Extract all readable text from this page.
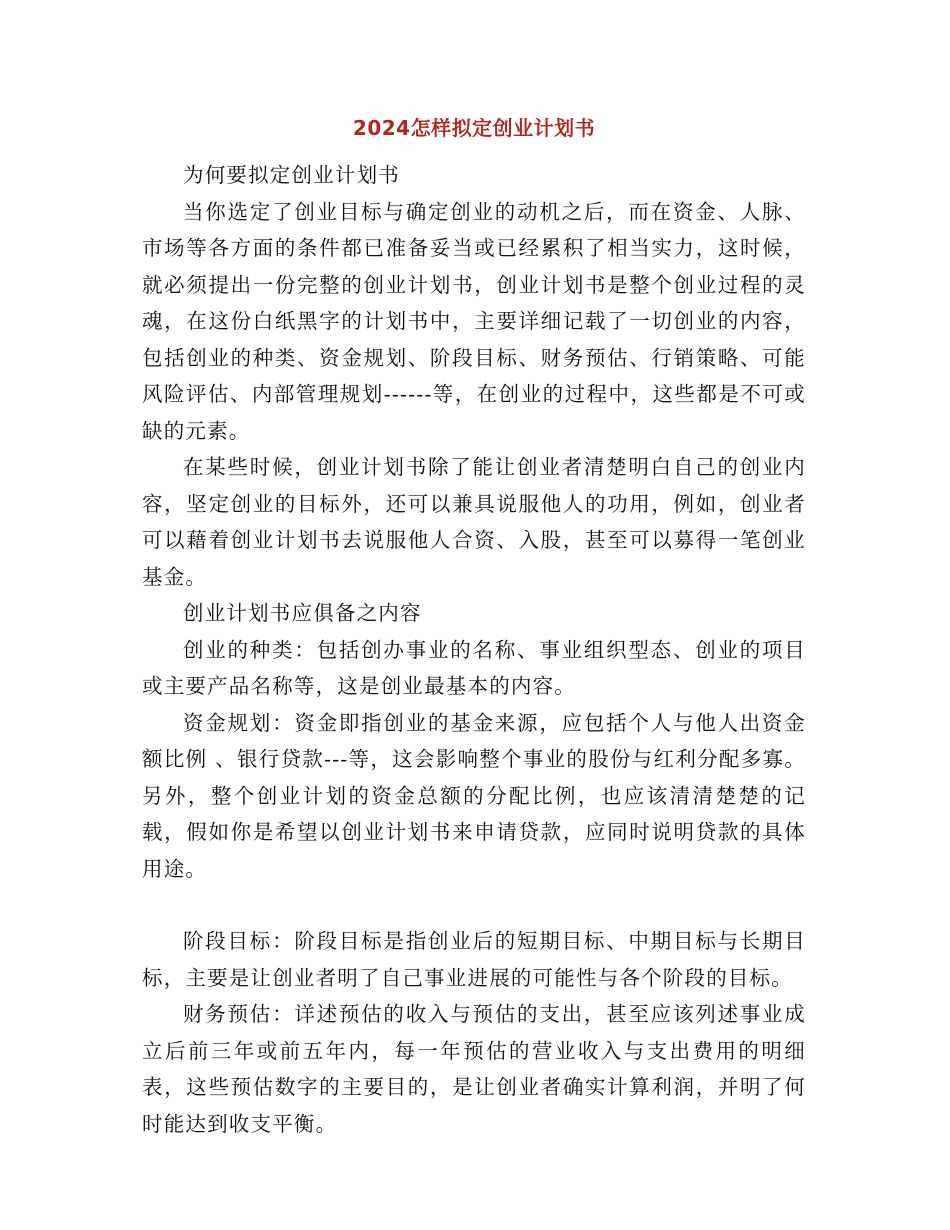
2024怎样拟定创业计划书

为何要拟定创业计划书

当你选定了创业目标与确定创业的动机之后，而在资金、人脉、市场等各方面的条件都已准备妥当或已经累积了相当实力，这时候，就必须提出一份完整的创业计划书，创业计划书是整个创业过程的灵魂，在这份白纸黑字的计划书中，主要详细记载了一切创业的内容，包括创业的种类、资金规划、阶段目标、财务预估、行销策略、可能风险评估、内部管理规划------等，在创业的过程中，这些都是不可或缺的元素。

在某些时候，创业计划书除了能让创业者清楚明白自己的创业内容，坚定创业的目标外，还可以兼具说服他人的功用，例如，创业者可以藉着创业计划书去说服他人合资、入股，甚至可以募得一笔创业基金。

创业计划书应俱备之内容

创业的种类：包括创办事业的名称、事业组织型态、创业的项目或主要产品名称等，这是创业最基本的内容。

资金规划：资金即指创业的基金来源，应包括个人与他人出资金额比例 、银行贷款---等，这会影响整个事业的股份与红利分配多寡。另外，整个创业计划的资金总额的分配比例，也应该清清楚楚的记载，假如你是希望以创业计划书来申请贷款，应同时说明贷款的具体用途。

阶段目标：阶段目标是指创业后的短期目标、中期目标与长期目标，主要是让创业者明了自己事业进展的可能性与各个阶段的目标。

财务预估：详述预估的收入与预估的支出，甚至应该列述事业成立后前三年或前五年内，每一年预估的营业收入与支出费用的明细表，这些预估数字的主要目的，是让创业者确实计算利润，并明了何时能达到收支平衡。
